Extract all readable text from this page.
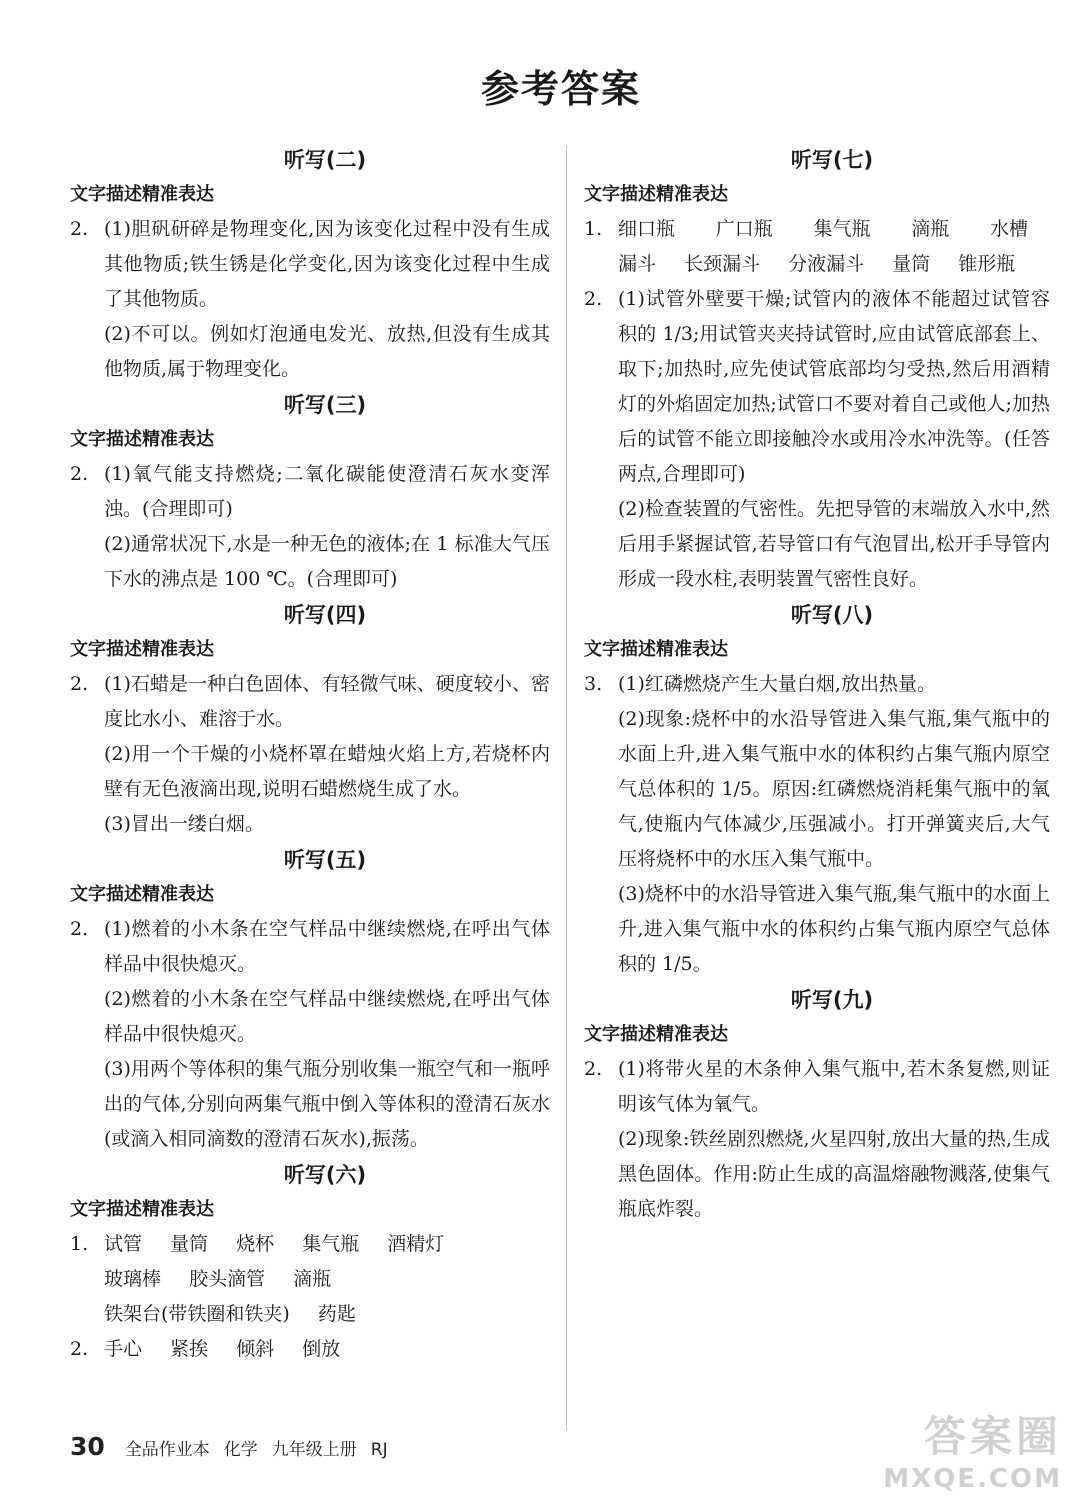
参考答案
听写(二)
文字描述精准表达
2. (1)胆矾研碎是物理变化,因为该变化过程中没有生成其他物质;铁生锈是化学变化,因为该变化过程中生成了其他物质。

(2)不可以。例如灯泡通电发光、放热,但没有生成其他物质,属于物理变化。

听写(三)
文字描述精准表达
2. (1)氧气能支持燃烧;二氧化碳能使澄清石灰水变浑浊。(合理即可)

(2)通常状况下,水是一种无色的液体;在 1 标准大气压下水的沸点是 100 ℃。(合理即可)

听写(四)
文字描述精准表达
2. (1)石蜡是一种白色固体、有轻微气味、硬度较小、密度比水小、难溶于水。

(2)用一个干燥的小烧杯罩在蜡烛火焰上方,若烧杯内壁有无色液滴出现,说明石蜡燃烧生成了水。

(3)冒出一缕白烟。

听写(五)
文字描述精准表达
2. (1)燃着的小木条在空气样品中继续燃烧,在呼出气体样品中很快熄灭。

(2)燃着的小木条在空气样品中继续燃烧,在呼出气体样品中很快熄灭。

(3)用两个等体积的集气瓶分别收集一瓶空气和一瓶呼出的气体,分别向两集气瓶中倒入等体积的澄清石灰水(或滴入相同滴数的澄清石灰水),振荡。

听写(六)
文字描述精准表达
1. 试管 量筒 烧杯 集气瓶 酒精灯

玻璃棒 胶头滴管 滴瓶

铁架台(带铁圈和铁夹) 药匙

2. 手心 紧挨 倾斜 倒放

听写(七)
文字描述精准表达
1. 细口瓶 广口瓶 集气瓶 滴瓶 水槽 漏斗 长颈漏斗 分液漏斗 量筒 锥形瓶

2. (1)试管外壁要干燥;试管内的液体不能超过试管容积的 1/3;用试管夹夹持试管时,应由试管底部套上、取下;加热时,应先使试管底部均匀受热,然后用酒精灯的外焰固定加热;试管口不要对着自己或他人;加热后的试管不能立即接触冷水或用冷水冲洗等。(任答两点,合理即可)

(2)检查装置的气密性。先把导管的末端放入水中,然后用手紧握试管,若导管口有气泡冒出,松开手导管内形成一段水柱,表明装置气密性良好。

听写(八)
文字描述精准表达
3. (1)红磷燃烧产生大量白烟,放出热量。

(2)现象:烧杯中的水沿导管进入集气瓶,集气瓶中的水面上升,进入集气瓶中水的体积约占集气瓶内原空气总体积的 1/5。原因:红磷燃烧消耗集气瓶中的氧气,使瓶内气体减少,压强减小。打开弹簧夹后,大气压将烧杯中的水压入集气瓶中。

(3)烧杯中的水沿导管进入集气瓶,集气瓶中的水面上升,进入集气瓶中水的体积约占集气瓶内原空气总体积的 1/5。

听写(九)
文字描述精准表达
2. (1)将带火星的木条伸入集气瓶中,若木条复燃,则证明该气体为氧气。

(2)现象:铁丝剧烈燃烧,火星四射,放出大量的热,生成黑色固体。作用:防止生成的高温熔融物溅落,使集气瓶底炸裂。

30 全品作业本 化学 九年级上册 RJ	答案圈
MXQE.COM
